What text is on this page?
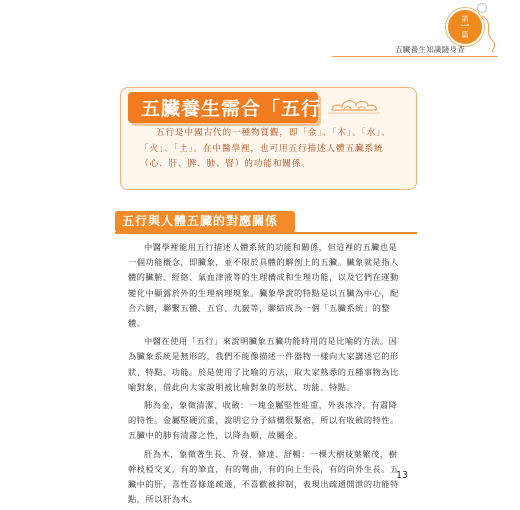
第
一
篇
五臟養生知識隨身查
五臟養生需合「五行」

五行是中國古代的一種物質觀，即「金」、「木」、「水」、「火」、「土」。在中醫學裡，也可用五行描述人體五臟系統（心、肝、脾、肺、腎）的功能和關係。

五行與人體五臟的對應關係

中醫學裡能用五行描述人體系統的功能和關係，但這裡的五臟也是一個功能概念，即臟象，並不限於具體的解剖上的五臟。臟象就是指人體的臟腑、經絡、氣血津液等的生理構成和生理功能，以及它們在運動變化中顯露於外的生理病理現象。臟象學說的特點是以五臟為中心，配合六腑，聯繫五體、五官、九竅等，聯結成為一個「五臟系統」的整體。

中醫在使用「五行」來說明臟象五臟功能時用的是比喻的方法。因為臟象系統是無形的，我們不能像描述一件器物一樣向大家講述它的形狀、特點、功能。於是使用了比喻的方法，取大家熟悉的五種事物為比喻對象，借此向大家說明被比喻對象的形狀、功能、特點。

肺為金，象徵清潔、收斂：一塊金屬堅性莊重，外表冰冷，有肅降的特性。金屬堅硬沉重，說明它分子結構很緊密，所以有收斂的特性。五臟中的肺有清肅之性，以降為順，故屬金。

肝為木，象徵著生長、升發、條達、舒暢：一棵大樹枝葉繁茂，樹幹枝椏交叉，有的筆直，有的彎曲，有的向上生長，有的向外生長。五臟中的肝，喜性喜條達疏通，不喜歡被抑制，表現出疏通開泄的功能特點，所以肝為木。

13
